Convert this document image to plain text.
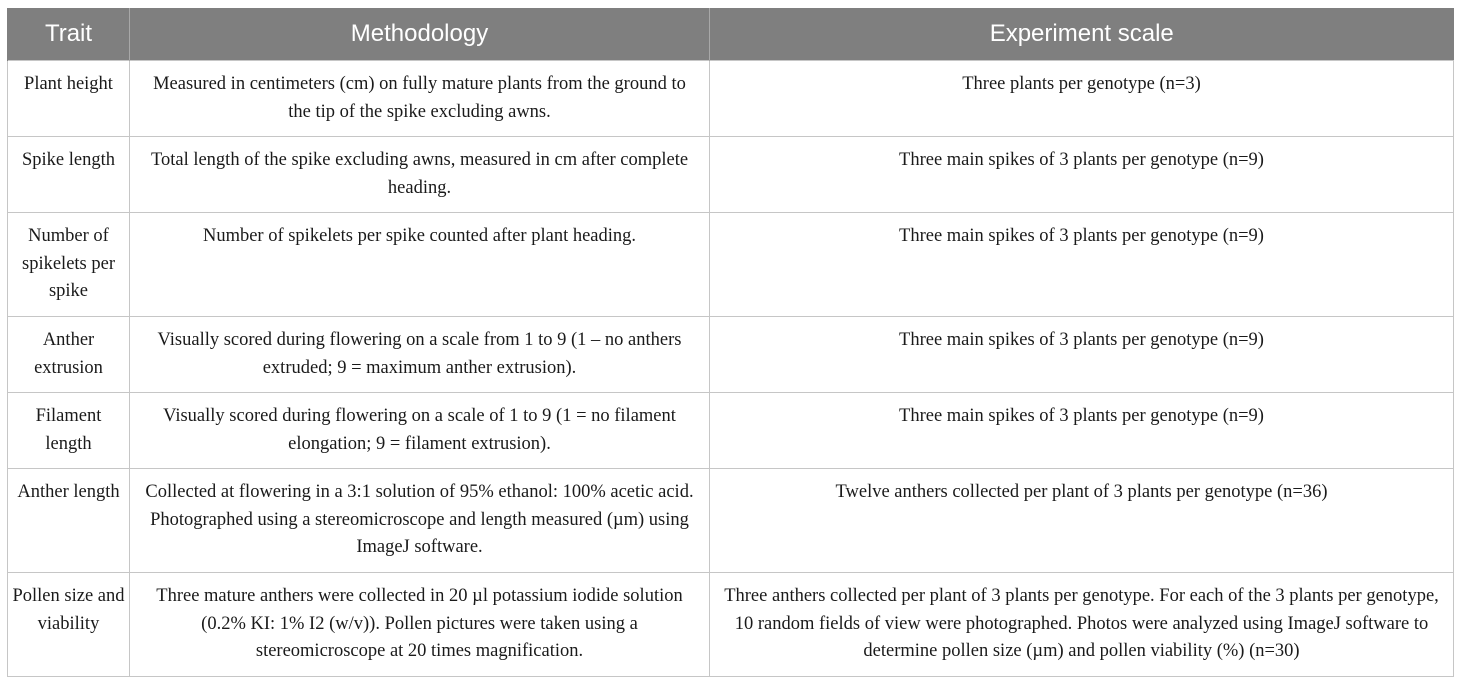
Trait	Methodology	Experiment scale
Plant height	Measured in centimeters (cm) on fully mature plants from the ground to the tip of the spike excluding awns.	Three plants per genotype (n=3)
Spike length	Total length of the spike excluding awns, measured in cm after complete heading.	Three main spikes of 3 plants per genotype (n=9)
Number of spikelets per spike	Number of spikelets per spike counted after plant heading.	Three main spikes of 3 plants per genotype (n=9)
Anther extrusion	Visually scored during flowering on a scale from 1 to 9 (1 – no anthers extruded; 9 = maximum anther extrusion).	Three main spikes of 3 plants per genotype (n=9)
Filament length	Visually scored during flowering on a scale of 1 to 9 (1 = no filament elongation; 9 = filament extrusion).	Three main spikes of 3 plants per genotype (n=9)
Anther length	Collected at flowering in a 3:1 solution of 95% ethanol: 100% acetic acid. Photographed using a stereomicroscope and length measured (µm) using ImageJ software.	Twelve anthers collected per plant of 3 plants per genotype (n=36)
Pollen size and viability	Three mature anthers were collected in 20 µl potassium iodide solution (0.2% KI: 1% I2 (w/v)). Pollen pictures were taken using a stereomicroscope at 20 times magnification.	Three anthers collected per plant of 3 plants per genotype. For each of the 3 plants per genotype, 10 random fields of view were photographed. Photos were analyzed using ImageJ software to determine pollen size (µm) and pollen viability (%) (n=30)
